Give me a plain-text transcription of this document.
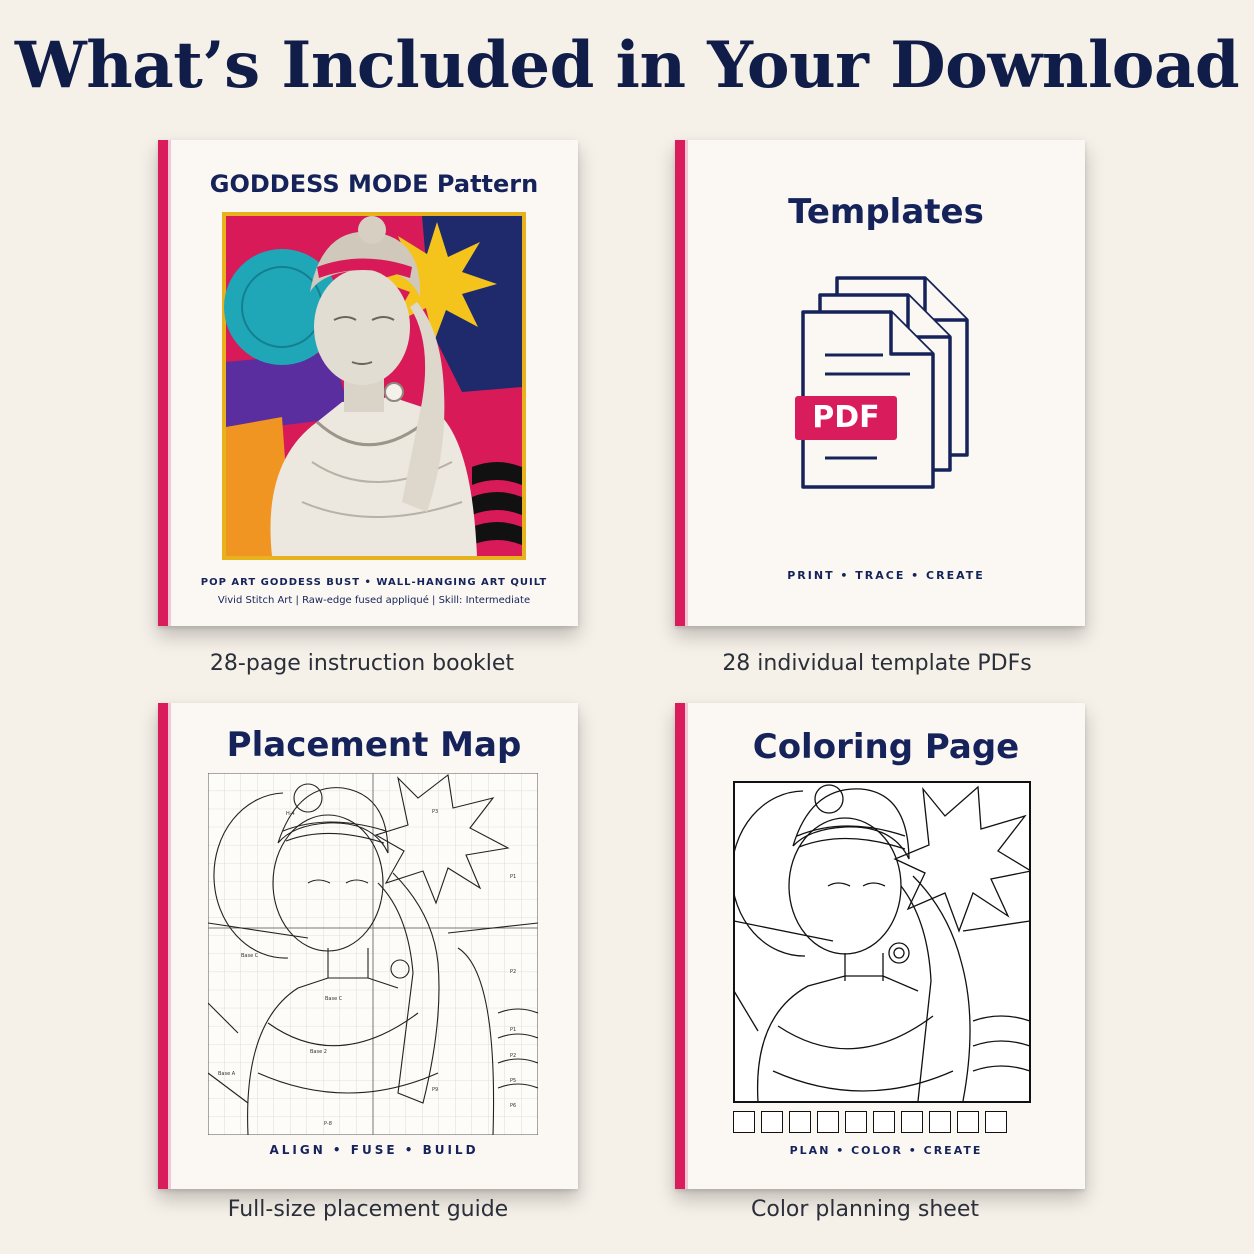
What’s Included in Your Download
GODDESS MODE Pattern
POP ART GODDESS BUST • WALL-HANGING ART QUILT
Vivid Stitch Art | Raw-edge fused appliqué | Skill: Intermediate
28-page instruction booklet
Templates
PDF
PRINT • TRACE • CREATE
28 individual template PDFs
Placement Map
H-4	P3
P1
Base C
Base C
Base 2
Base A
P2
P1
P2
P5
P6
P9
P-8
ALIGN • FUSE • BUILD
Full-size placement guide
Coloring Page
PLAN • COLOR • CREATE
Color planning sheet
